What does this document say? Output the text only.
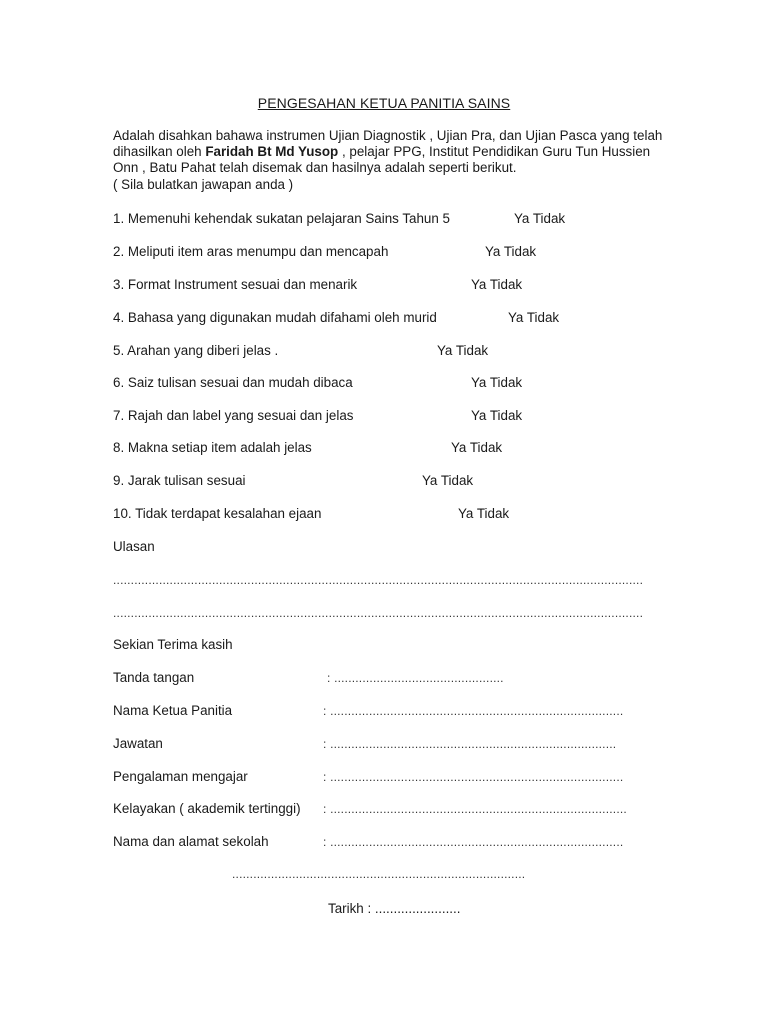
PENGESAHAN KETUA PANITIA SAINS
Adalah disahkan bahawa instrumen Ujian Diagnostik , Ujian Pra, dan Ujian Pasca yang telah dihasilkan oleh Faridah Bt Md Yusop , pelajar PPG, Institut Pendidikan Guru Tun Hussien Onn , Batu Pahat telah disemak dan hasilnya adalah seperti berikut.
( Sila bulatkan jawapan anda )
1. Memenuhi kehendak sukatan pelajaran Sains Tahun 5	Ya Tidak
2. Meliputi item aras menumpu dan mencapah	Ya Tidak
3. Format Instrument sesuai dan menarik	Ya Tidak
4. Bahasa yang digunakan mudah difahami oleh murid	Ya Tidak
5. Arahan yang diberi jelas .	Ya Tidak
6. Saiz tulisan sesuai dan mudah dibaca	Ya Tidak
7. Rajah dan label yang sesuai dan jelas	Ya Tidak
8. Makna setiap item adalah jelas	Ya Tidak
9. Jarak tulisan sesuai	Ya Tidak
10. Tidak terdapat kesalahan ejaan	Ya Tidak
Ulasan
......................................................................................................................................................
......................................................................................................................................................
Sekian Terima kasih
Tanda tangan	: ................................................
Nama Ketua Panitia	: ...................................................................................
Jawatan	: .................................................................................
Pengalaman mengajar	: ...................................................................................
Kelayakan ( akademik tertinggi) : ....................................................................................
Nama dan alamat sekolah	: ...................................................................................
...................................................................................
Tarikh : .......................
